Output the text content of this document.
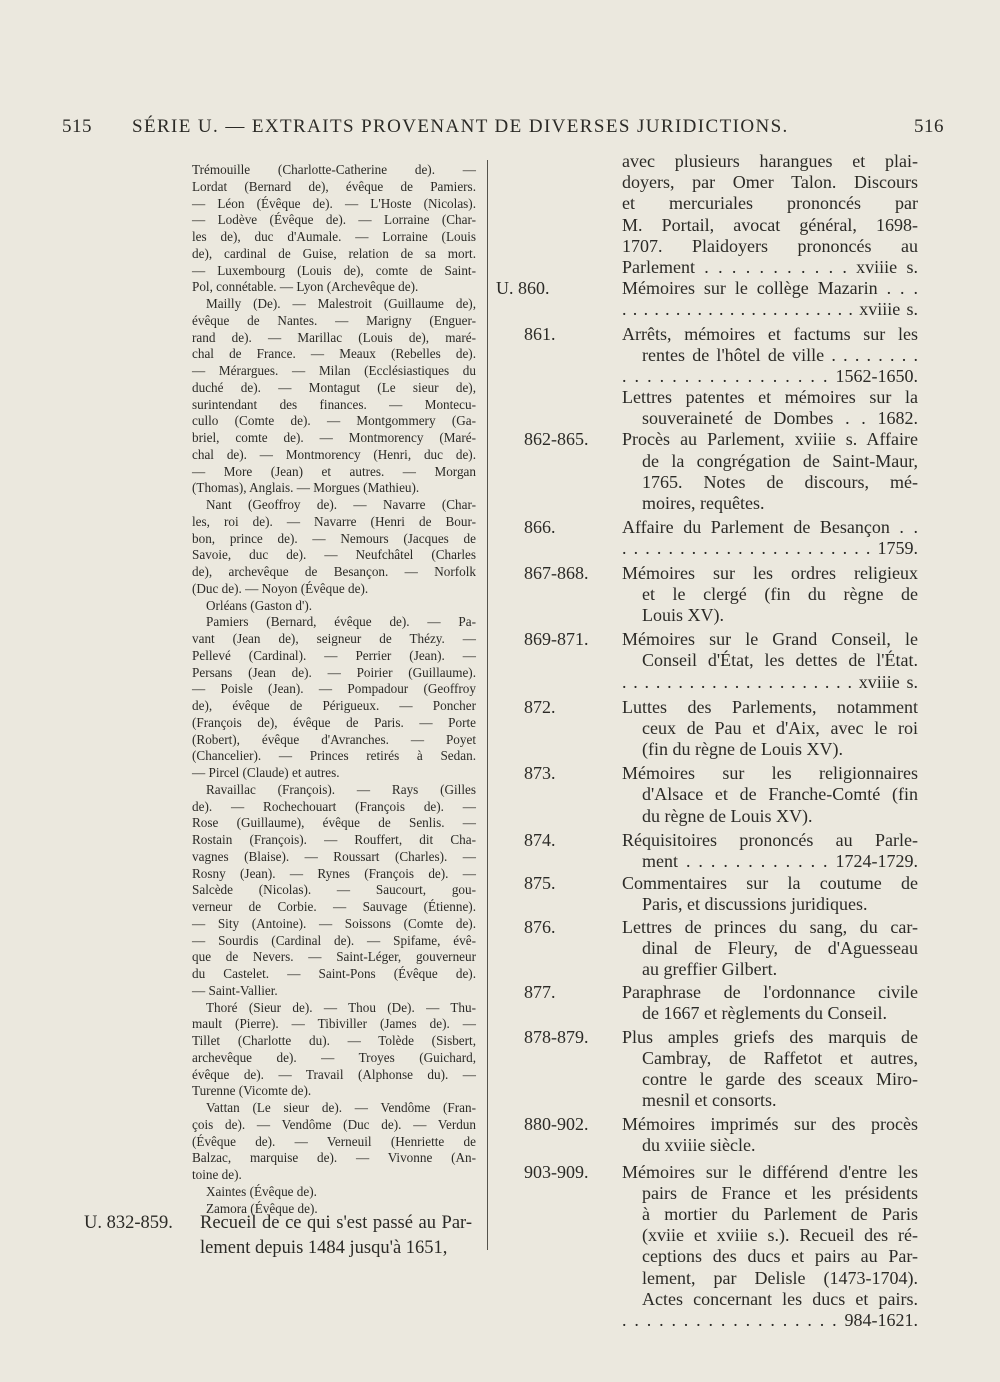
515 SÉRIE U. — EXTRAITS PROVENANT DE DIVERSES JURIDICTIONS.	516
Trémouille (Charlotte-Catherine de). —
Lordat (Bernard de), évêque de Pamiers.
— Léon (Évêque de). — L'Hoste (Nicolas).
— Lodève (Évêque de). — Lorraine (Char-
les de), duc d'Aumale. — Lorraine (Louis
de), cardinal de Guise, relation de sa mort.
— Luxembourg (Louis de), comte de Saint-
Pol, connétable. — Lyon (Archevêque de).
Mailly (De). — Malestroit (Guillaume de),
évêque de Nantes. — Marigny (Enguer-
rand de). — Marillac (Louis de), maré-
chal de France. — Meaux (Rebelles de).
— Mérargues. — Milan (Ecclésiastiques du
duché de). — Montagut (Le sieur de),
surintendant des finances. — Montecu-
cullo (Comte de). — Montgommery (Ga-
briel, comte de). — Montmorency (Maré-
chal de). — Montmorency (Henri, duc de).
— More (Jean) et autres. — Morgan
(Thomas), Anglais. — Morgues (Mathieu).
Nant (Geoffroy de). — Navarre (Char-
les, roi de). — Navarre (Henri de Bour-
bon, prince de). — Nemours (Jacques de
Savoie, duc de). — Neufchâtel (Charles
de), archevêque de Besançon. — Norfolk
(Duc de). — Noyon (Évêque de).
Orléans (Gaston d').
Pamiers (Bernard, évêque de). — Pa-
vant (Jean de), seigneur de Thézy. —
Pellevé (Cardinal). — Perrier (Jean). —
Persans (Jean de). — Poirier (Guillaume).
— Poisle (Jean). — Pompadour (Geoffroy
de), évêque de Périgueux. — Poncher
(François de), évêque de Paris. — Porte
(Robert), évêque d'Avranches. — Poyet
(Chancelier). — Princes retirés à Sedan.
— Pircel (Claude) et autres.
Ravaillac (François). — Rays (Gilles
de). — Rochechouart (François de). —
Rose (Guillaume), évêque de Senlis. —
Rostain (François). — Rouffert, dit Cha-
vagnes (Blaise). — Roussart (Charles). —
Rosny (Jean). — Rynes (François de). —
Salcède (Nicolas). — Saucourt, gou-
verneur de Corbie. — Sauvage (Étienne).
— Sity (Antoine). — Soissons (Comte de).
— Sourdis (Cardinal de). — Spifame, évê-
que de Nevers. — Saint-Léger, gouverneur
du Castelet. — Saint-Pons (Évêque de).
— Saint-Vallier.
Thoré (Sieur de). — Thou (De). — Thu-
mault (Pierre). — Tibiviller (James de). —
Tillet (Charlotte du). — Tolède (Sisbert,
archevêque de). — Troyes (Guichard,
évêque de). — Travail (Alphonse du). —
Turenne (Vicomte de).
Vattan (Le sieur de). — Vendôme (Fran-
çois de). — Vendôme (Duc de). — Verdun
(Évêque de). — Verneuil (Henriette de
Balzac, marquise de). — Vivonne (An-
toine de).
Xaintes (Évêque de).
Zamora (Évêque de).
U. 832-859. Recueil de ce qui s'est passé au Par-
lement depuis 1484 jusqu'à 1651,
avec plusieurs harangues et plai-
doyers, par Omer Talon. Discours
et mercuriales prononcés par
M. Portail, avocat général, 1698-
1707. Plaidoyers prononcés au
Parlement . . . . . . . . . . . xviiie s.
U. 860.	Mémoires sur le collège Mazarin . . .
. . . . . . . . . . . . . . . . . . . . . . xviiie s.
861.	Arrêts, mémoires et factums sur les
rentes de l'hôtel de ville . . . . . . . .
. . . . . . . . . . . . . . . . . 1562-1650.
Lettres patentes et mémoires sur la
souveraineté de Dombes . . 1682.
862-865.	Procès au Parlement, xviiie s. Affaire
de la congrégation de Saint-Maur,
1765. Notes de discours, mé-
moires, requêtes.
866.	Affaire du Parlement de Besançon . .
. . . . . . . . . . . . . . . . . . . . . . 1759.
867-868.	Mémoires sur les ordres religieux
et le clergé (fin du règne de
Louis XV).
869-871.	Mémoires sur le Grand Conseil, le
Conseil d'État, les dettes de l'État.
. . . . . . . . . . . . . . . . . . . . . xviiie s.
872.	Luttes des Parlements, notamment
ceux de Pau et d'Aix, avec le roi
(fin du règne de Louis XV).
873.	Mémoires sur les religionnaires
d'Alsace et de Franche-Comté (fin
du règne de Louis XV).
874.	Réquisitoires prononcés au Parle-
ment . . . . . . . . . . . . 1724-1729.
875.	Commentaires sur la coutume de
Paris, et discussions juridiques.
876.	Lettres de princes du sang, du car-
dinal de Fleury, de d'Aguesseau
au greffier Gilbert.
877.	Paraphrase de l'ordonnance civile
de 1667 et règlements du Conseil.
878-879.	Plus amples griefs des marquis de
Cambray, de Raffetot et autres,
contre le garde des sceaux Miro-
mesnil et consorts.
880-902.	Mémoires imprimés sur des procès
du xviiie siècle.
903-909.	Mémoires sur le différend d'entre les
pairs de France et les présidents
à mortier du Parlement de Paris
(xviie et xviiie s.). Recueil des ré-
ceptions des ducs et pairs au Par-
lement, par Delisle (1473-1704).
Actes concernant les ducs et pairs.
. . . . . . . . . . . . . . . . . . 984-1621.
